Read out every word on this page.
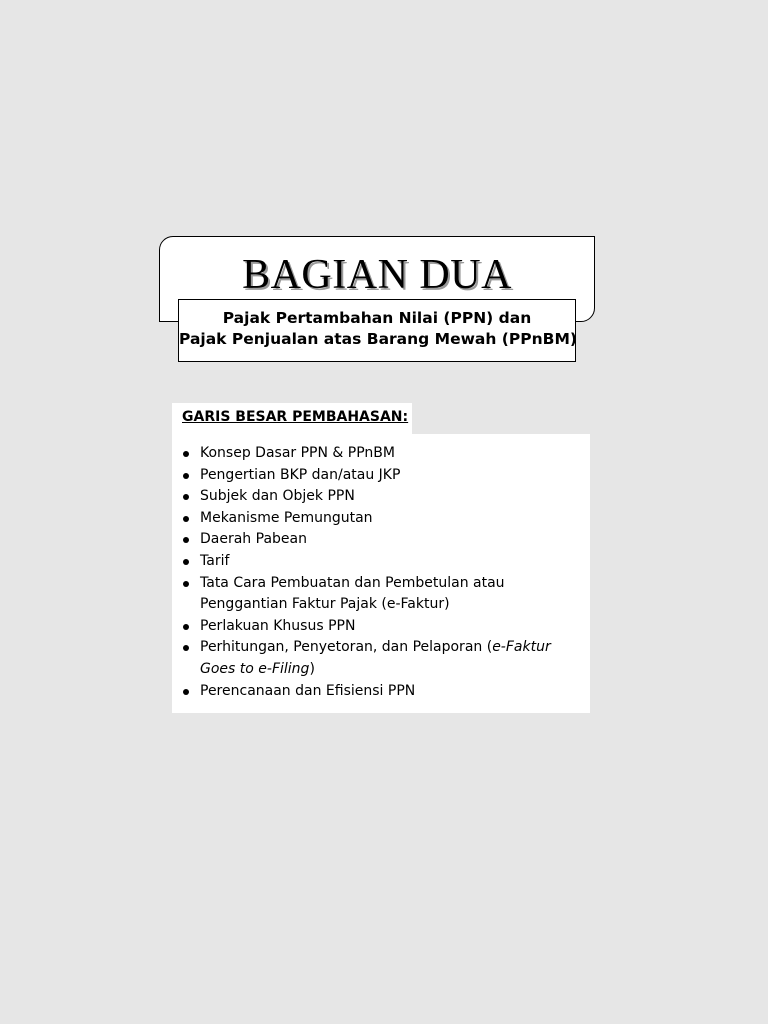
BAGIAN DUA
Pajak Pertambahan Nilai (PPN) dan
Pajak Penjualan atas Barang Mewah (PPnBM)
GARIS BESAR PEMBAHASAN:
Konsep Dasar PPN & PPnBM
Pengertian BKP dan/atau JKP
Subjek dan Objek PPN
Mekanisme Pemungutan
Daerah Pabean
Tarif
Tata Cara Pembuatan dan Pembetulan atau
Penggantian Faktur Pajak (e-Faktur)
Perlakuan Khusus PPN
Perhitungan, Penyetoran, dan Pelaporan (e-Faktur
Goes to e-Filing)
Perencanaan dan Efisiensi PPN
